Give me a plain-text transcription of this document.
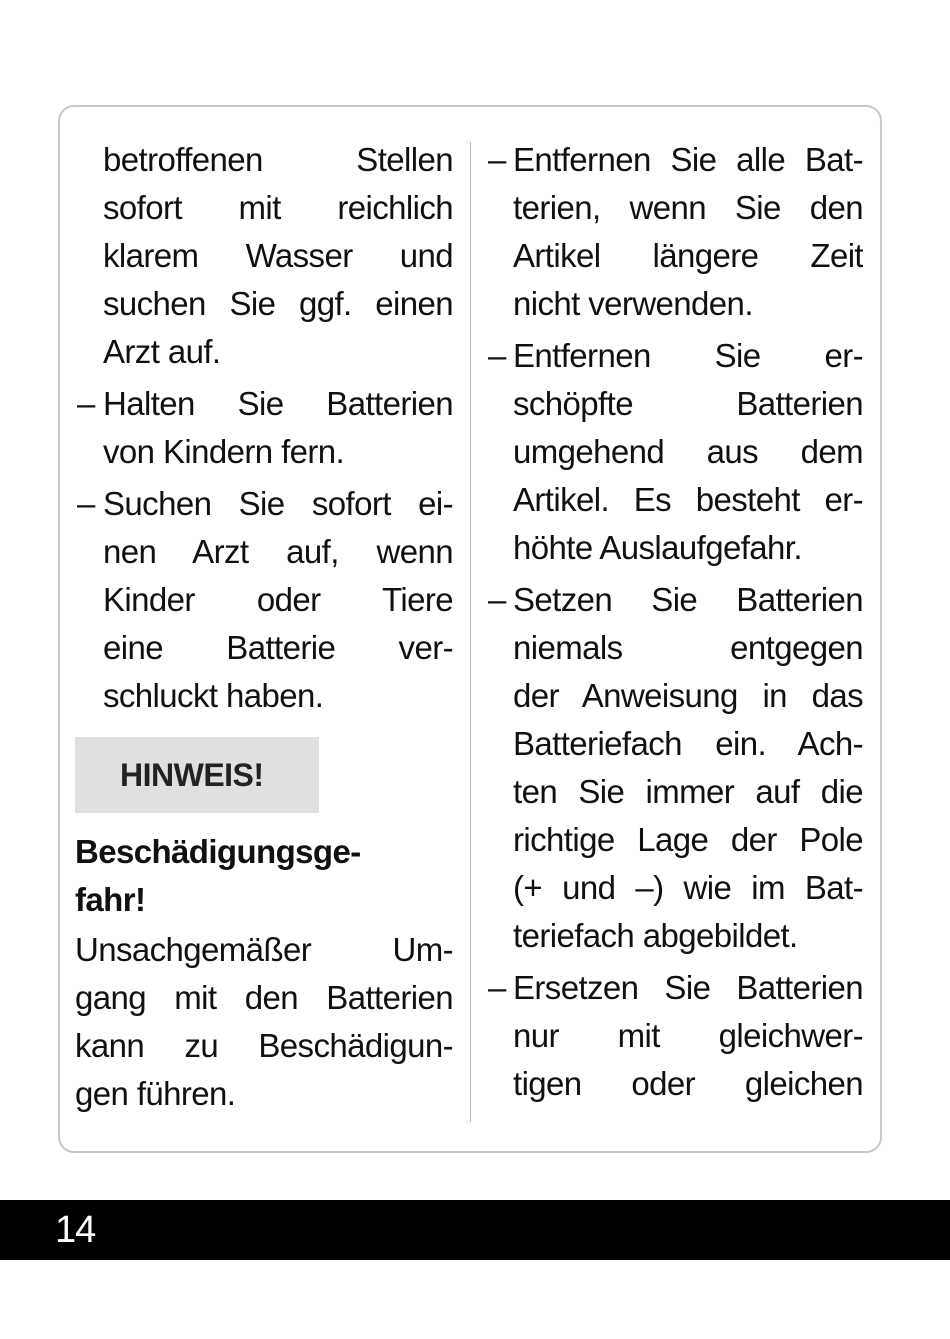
betroffenen Stellen
sofort mit reichlich
klarem Wasser und
suchen Sie ggf. einen
Arzt auf.
– Halten Sie Batterien
von Kindern fern.
– Suchen Sie sofort ei-
nen Arzt auf, wenn
Kinder oder Tiere
eine Batterie ver-
schluckt haben.
HINWEIS!
Beschädigungsge-
fahr!
Unsachgemäßer Um-
gang mit den Batterien
kann zu Beschädigun-
gen führen.
– Entfernen Sie alle Bat-
terien, wenn Sie den
Artikel längere Zeit
nicht verwenden.
– Entfernen Sie er-
schöpfte Batterien
umgehend aus dem
Artikel. Es besteht er-
höhte Auslaufgefahr.
– Setzen Sie Batterien
niemals entgegen
der Anweisung in das
Batteriefach ein. Ach-
ten Sie immer auf die
richtige Lage der Pole
(+ und –) wie im Bat-
teriefach abgebildet.
– Ersetzen Sie Batterien
nur mit gleichwer-
tigen oder gleichen
14
